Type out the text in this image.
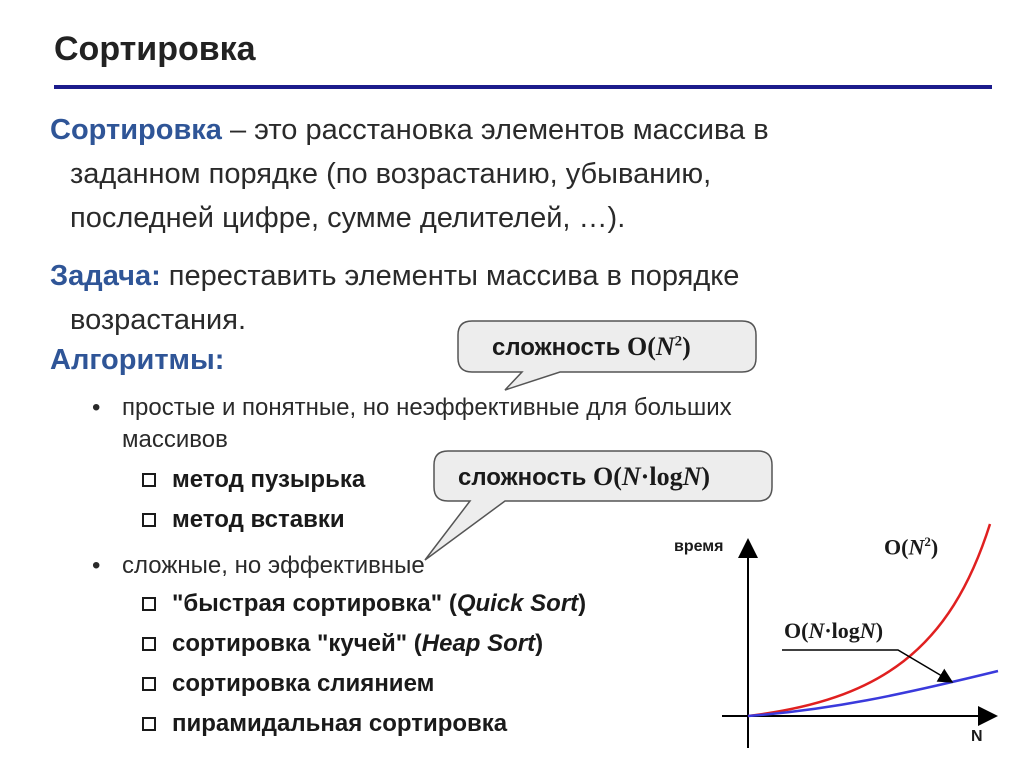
Сортировка
Сортировка – это расстановка элементов массива в
заданном порядке (по возрастанию, убыванию,
последней цифре, сумме делителей, …).
Задача: переставить элементы массива в порядке
возрастания.
Алгоритмы:
• простые и понятные, но неэффективные для больших
массивов
метод пузырька
метод вставки
• сложные, но эффективные
"быстрая сортировка" (Quick Sort)
сортировка "кучей" (Heap Sort)
сортировка слиянием
пирамидальная сортировка
сложность $O(N^2)$
сложность O(N·logN)
время
N
$O(N^2)$
O(N·logN)
